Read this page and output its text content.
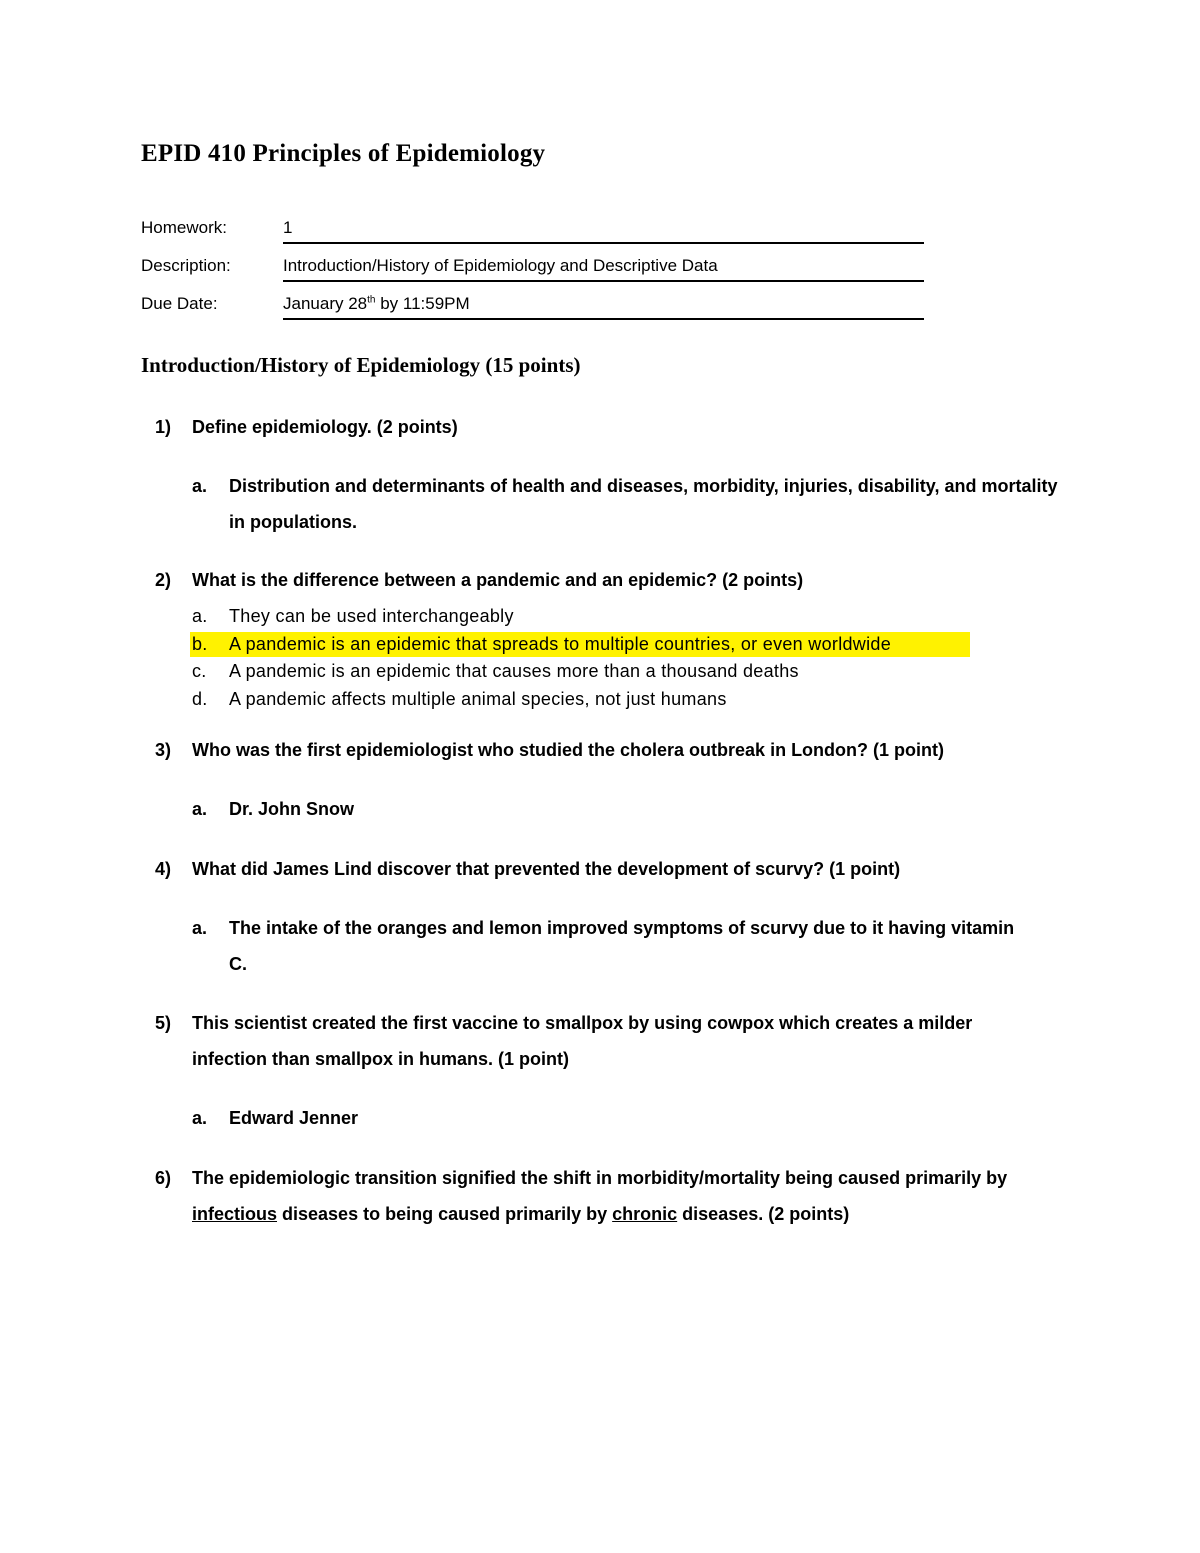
EPID 410 Principles of Epidemiology
Homework:	1
Description:	Introduction/History of Epidemiology and Descriptive Data
Due Date:	January 28th by 11:59PM
Introduction/History of Epidemiology (15 points)
1)	Define epidemiology. (2 points)
a. Distribution and determinants of health and diseases, morbidity, injuries, disability, and mortality in populations.
2)	What is the difference between a pandemic and an epidemic? (2 points)
a. They can be used interchangeably
b. A pandemic is an epidemic that spreads to multiple countries, or even worldwide
c. A pandemic is an epidemic that causes more than a thousand deaths
d. A pandemic affects multiple animal species, not just humans
3)	Who was the first epidemiologist who studied the cholera outbreak in London? (1 point)
a. Dr. John Snow
4)	What did James Lind discover that prevented the development of scurvy? (1 point)
a. The intake of the oranges and lemon improved symptoms of scurvy due to it having vitamin C.
5)	This scientist created the first vaccine to smallpox by using cowpox which creates a milder infection than smallpox in humans. (1 point)
a. Edward Jenner
6)	The epidemiologic transition signified the shift in morbidity/mortality being caused primarily by infectious diseases to being caused primarily by chronic diseases. (2 points)
